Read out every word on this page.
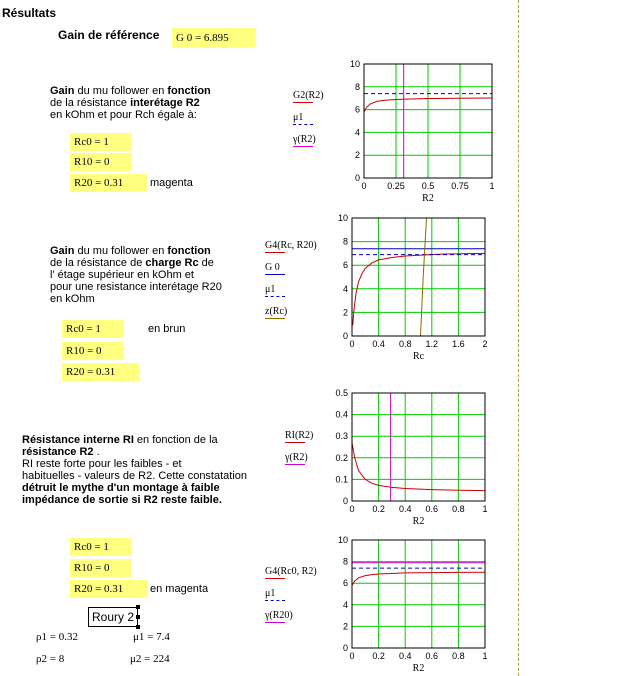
Résultats
Gain de référence	G 0 = 6.895
Gain du mu follower en fonction
de la résistance interétage R2
en kOhm et pour Rch égale à:
Rc0 = 1
R10 = 0
R20 = 0.31	magenta
G2(R2)
μ1
γ(R2)
0 0.25 0.5 0.75 1
0
2
4
6
8
10
R2
Gain du mu follower en fonction
de la résistance de charge Rc de
l' étage supérieur en kOhm et
pour une resistance interétage R20
en kOhm
Rc0 = 1	en brun
R10 = 0
R20 = 0.31
G4(Rc, R20)
G 0
μ1
z(Rc)
0 0.4 0.8 1.2 1.6 2
0
2
4
6
8
10
Rc
Résistance interne RI en fonction de la
résistance R2 .
RI reste forte pour les faibles - et
habituelles - valeurs de R2. Cette constatation
détruit le mythe d'un montage à faible
impédance de sortie si R2 reste faible.
RI(R2)
γ(R2)
0 0.2 0.4 0.6 0.8 1
0
0.1
0.2
0.3
0.4
0.5
R2
Rc0 = 1
R10 = 0
R20 = 0.31	en magenta
Roury 2
ρ1 = 0.32	μ1 = 7.4
ρ2 = 8	μ2 = 224
G4(Rc0, R2)
μ1
γ(R20)
0 0.2 0.4 0.6 0.8 1
0
2
4
6
8
10
R2
